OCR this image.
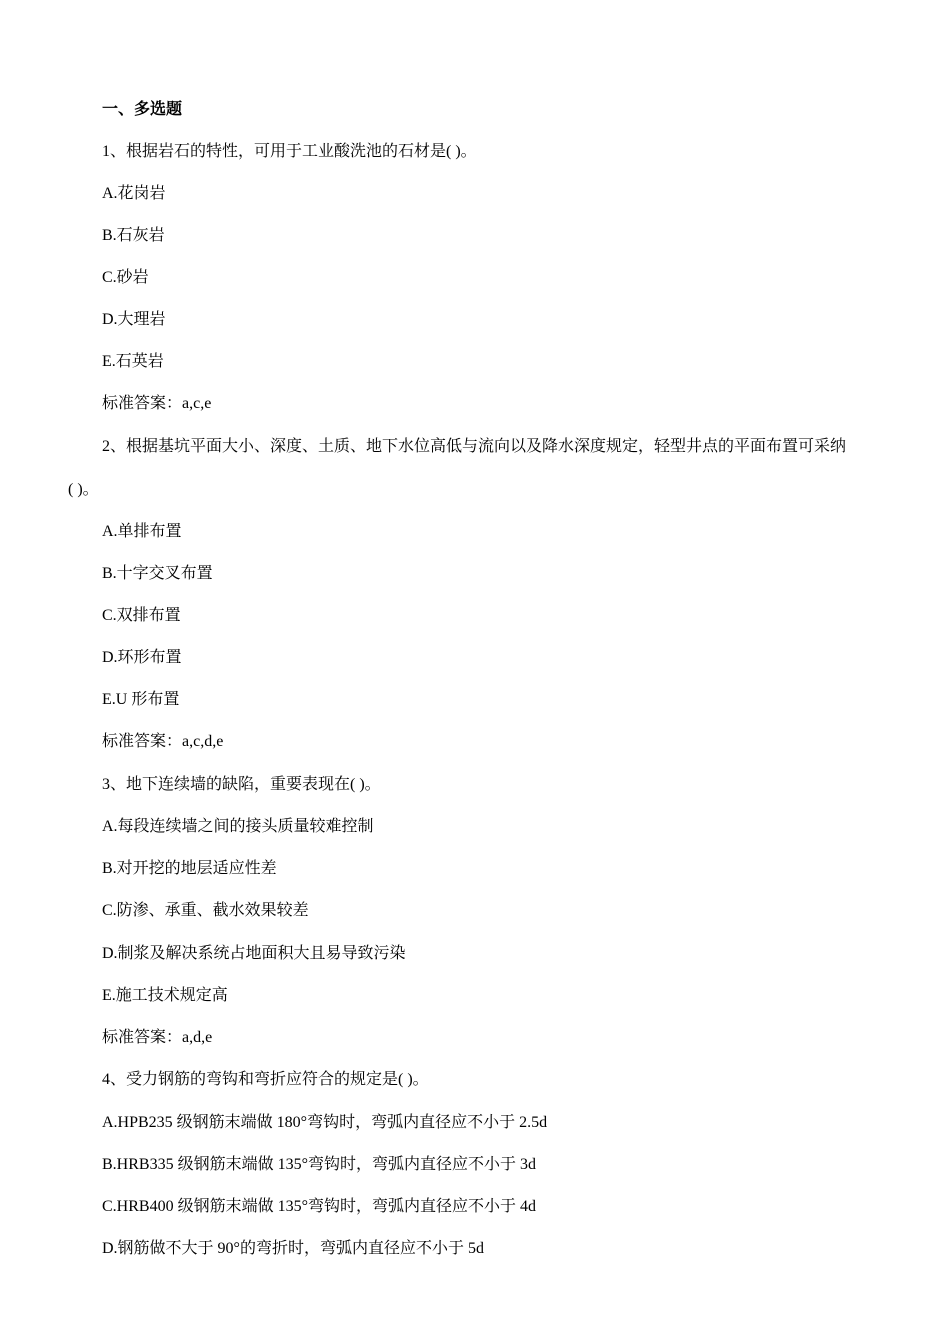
一、多选题
1、根据岩石的特性，可用于工业酸洗池的石材是( )。
A.花岗岩
B.石灰岩
C.砂岩
D.大理岩
E.石英岩
标准答案：a,c,e
2、根据基坑平面大小、深度、土质、地下水位高低与流向以及降水深度规定，轻型井点的平面布置可采纳
( )。
A.单排布置
B.十字交叉布置
C.双排布置
D.环形布置
E.U 形布置
标准答案：a,c,d,e
3、地下连续墙的缺陷，重要表现在( )。
A.每段连续墙之间的接头质量较难控制
B.对开挖的地层适应性差
C.防渗、承重、截水效果较差
D.制浆及解决系统占地面积大且易导致污染
E.施工技术规定高
标准答案：a,d,e
4、受力钢筋的弯钩和弯折应符合的规定是( )。
A.HPB235 级钢筋末端做 180°弯钩时，弯弧内直径应不小于 2.5d
B.HRB335 级钢筋末端做 135°弯钩时，弯弧内直径应不小于 3d
C.HRB400 级钢筋末端做 135°弯钩时，弯弧内直径应不小于 4d
D.钢筋做不大于 90°的弯折时，弯弧内直径应不小于 5d
